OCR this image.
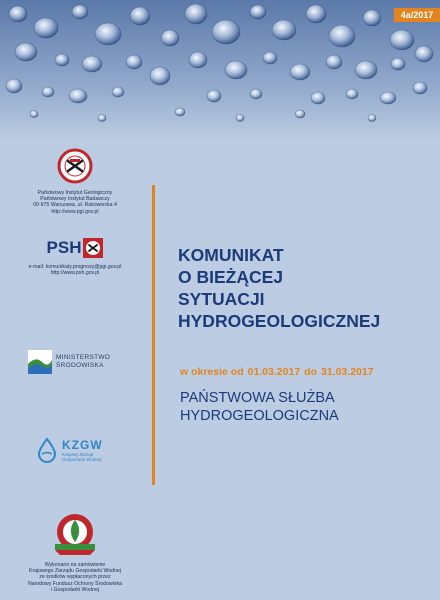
4a/2017
Państwowy Instytut Geologiczny
Państwowy Instytut Badawczy
00-975 Warszawa, ul. Rakowiecka 4
http://www.pgi.gov.pl
PSH
e-mail: komunikaty.prognozy@pgi.gov.pl
http://www.psh.gov.pl
MINISTERSTWO
ŚRODOWISKA
KZGW
Krajowy Zarząd
Gospodarki Wodnej
Wykonano na zamówienie
Krajowego Zarządu Gospodarki Wodnej
ze środków wypłaconych przez
Narodowy Fundusz Ochrony Środowiska
i Gospodarki Wodnej
KOMUNIKAT
O BIEŻĄCEJ
SYTUACJI
HYDROGEOLOGICZNEJ
w okresie od 01.03.2017 do 31.03.2017
PAŃSTWOWA SŁUŻBA
HYDROGEOLOGICZNA
